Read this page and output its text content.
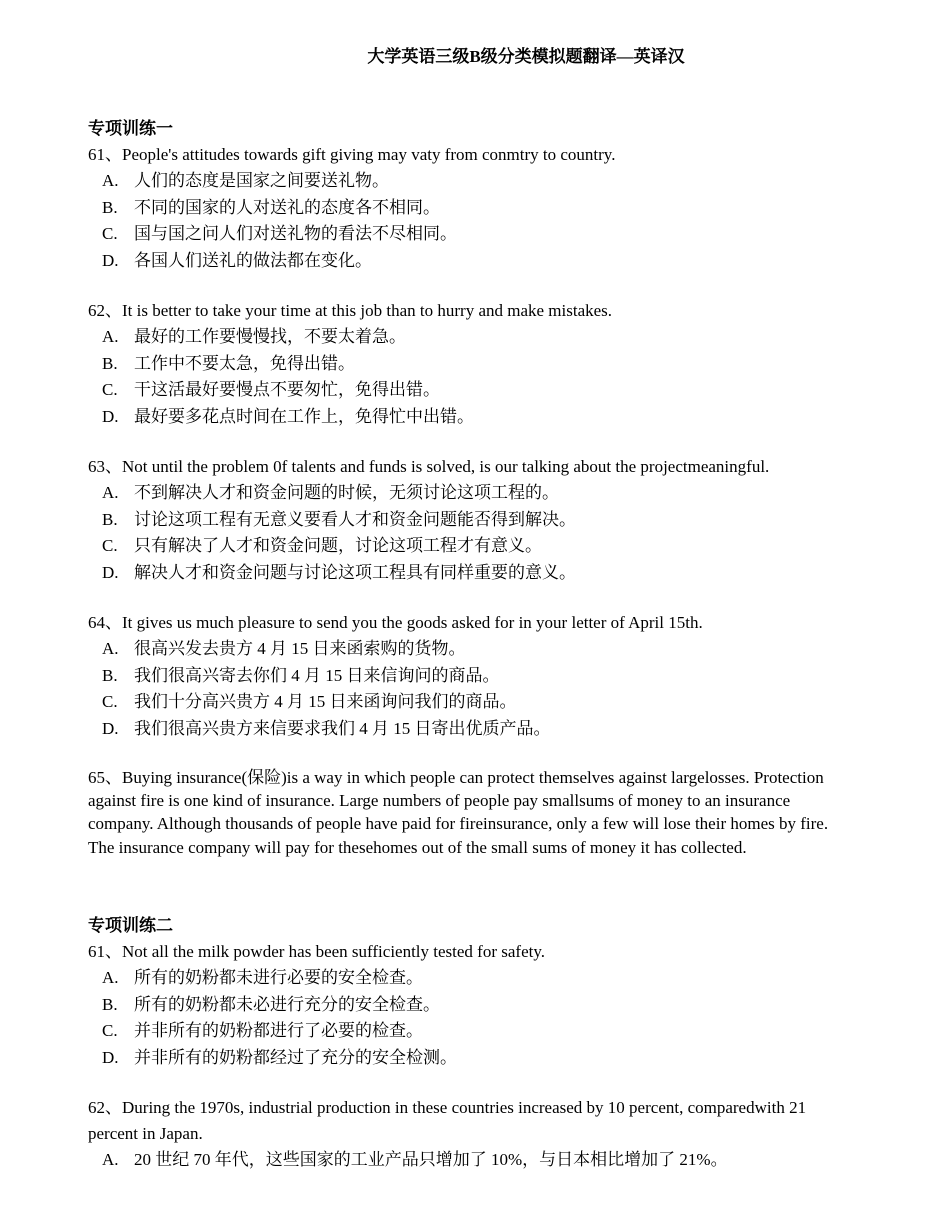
大学英语三级B级分类模拟题翻译—英译汉
专项训练一
61、People's attitudes towards gift giving may vaty from conmtry to country.
A. 人们的态度是国家之间要送礼物。
B. 不同的国家的人对送礼的态度各不相同。
C. 国与国之问人们对送礼物的看法不尽相同。
D. 各国人们送礼的做法都在变化。
62、It is better to take your time at this job than to hurry and make mistakes.
A. 最好的工作要慢慢找，不要太着急。
B. 工作中不要太急，免得出错。
C. 干这活最好要慢点不要匆忙，免得出错。
D. 最好要多花点时间在工作上，免得忙中出错。
63、Not until the problem 0f talents and funds is solved, is our talking about the projectmeaningful.
A. 不到解决人才和资金问题的时候，无须讨论这项工程的。
B. 讨论这项工程有无意义要看人才和资金问题能否得到解决。
C. 只有解决了人才和资金问题，讨论这项工程才有意义。
D. 解决人才和资金问题与讨论这项工程具有同样重要的意义。
64、It gives us much pleasure to send you the goods asked for in your letter of April 15th.
A. 很高兴发去贵方 4 月 15 日来函索购的货物。
B. 我们很高兴寄去你们 4 月 15 日来信询问的商品。
C. 我们十分高兴贵方 4 月 15 日来函询问我们的商品。
D. 我们很高兴贵方来信要求我们 4 月 15 日寄出优质产品。
65、Buying insurance(保险)is a way in which people can protect themselves against largelosses. Protection
against fire is one kind of insurance. Large numbers of people pay smallsums of money to an insurance
company. Although thousands of people have paid for fireinsurance, only a few will lose their homes by fire.
The insurance company will pay for thesehomes out of the small sums of money it has collected.
专项训练二
61、Not all the milk powder has been sufficiently tested for safety.
A. 所有的奶粉都未进行必要的安全检查。
B. 所有的奶粉都未必进行充分的安全检查。
C. 并非所有的奶粉都进行了必要的检查。
D. 并非所有的奶粉都经过了充分的安全检测。
62、During the 1970s, industrial production in these countries increased by 10 percent, comparedwith 21
percent in Japan.
A. 20 世纪 70 年代，这些国家的工业产品只增加了 10%，与日本相比增加了 21%。
